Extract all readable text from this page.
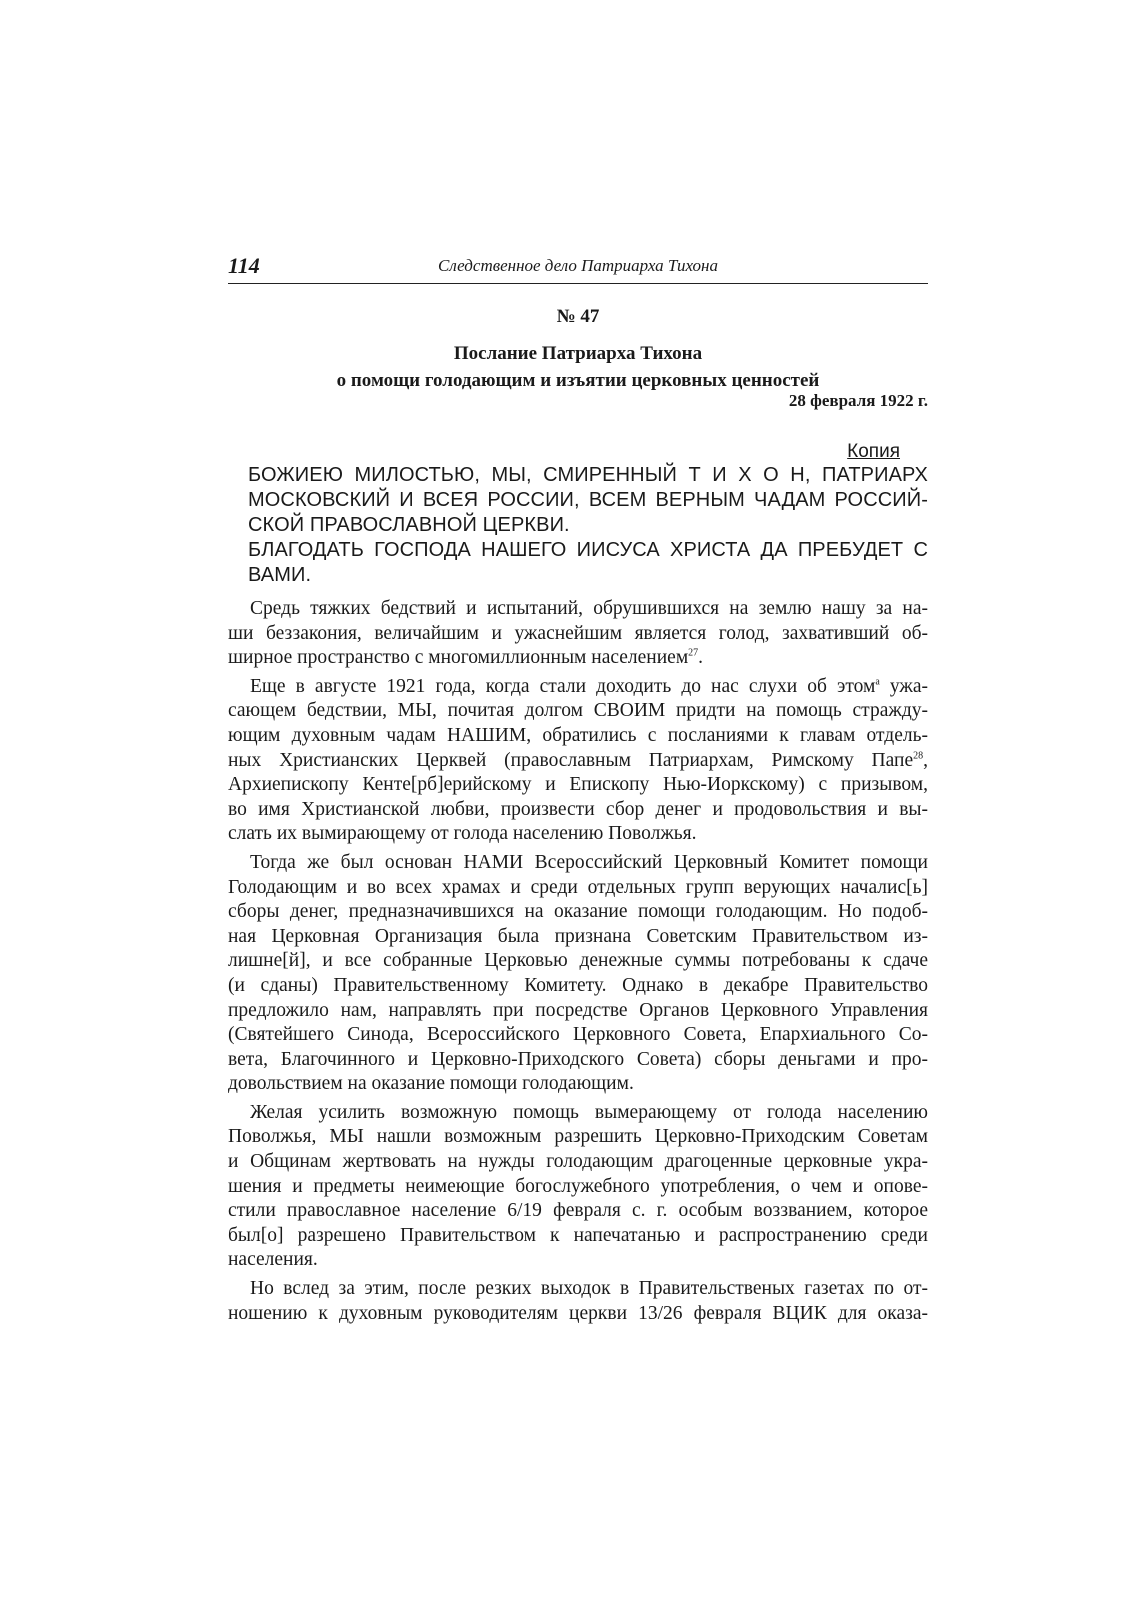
114	Следственное дело Патриарха Тихона
№ 47
Послание Патриарха Тихона
о помощи голодающим и изъятии церковных ценностей
28 февраля 1922 г.
Копия

БОЖИЕЮ МИЛОСТЬЮ, МЫ, СМИРЕННЫЙ Т И Х О Н, ПАТРИАРХ
МОСКОВСКИЙ И ВСЕЯ РОССИИ, ВСЕМ ВЕРНЫМ ЧАДАМ РОССИЙ-
СКОЙ ПРАВОСЛАВНОЙ ЦЕРКВИ.

БЛАГОДАТЬ ГОСПОДА НАШЕГО ИИСУСА ХРИСТА ДА ПРЕБУДЕТ С
ВАМИ.

Средь тяжких бедствий и испытаний, обрушившихся на землю нашу за на-
ши беззакония, величайшим и ужаснейшим является голод, захвативший об-
ширное пространство с многомиллионным населением$^{27}$.

Еще в августе 1921 года, когда стали доходить до нас слухи об этом$^а$ ужа-
сающем бедствии, МЫ, почитая долгом СВОИМ придти на помощь стражду-
ющим духовным чадам НАШИМ, обратились с посланиями к главам отдель-
ных Христианских Церквей (православным Патриархам, Римскому Папе$^{28}$,
Архиепископу Кенте[рб]ерийскому и Епископу Нью-Иоркскому) с призывом,
во имя Христианской любви, произвести сбор денег и продовольствия и вы-
слать их вымирающему от голода населению Поволжья.

Тогда же был основан НАМИ Всероссийский Церковный Комитет помощи
Голодающим и во всех храмах и среди отдельных групп верующих началис[ь]
сборы денег, предназначившихся на оказание помощи голодающим. Но подоб-
ная Церковная Организация была признана Советским Правительством из-
лишне[й], и все собранные Церковью денежные суммы потребованы к сдаче
(и сданы) Правительственному Комитету. Однако в декабре Правительство
предложило нам, направлять при посредстве Органов Церковного Управления
(Святейшего Синода, Всероссийского Церковного Совета, Епархиального Со-
вета, Благочинного и Церковно-Приходского Совета) сборы деньгами и про-
довольствием на оказание помощи голодающим.

Желая усилить возможную помощь вымерающему от голода населению
Поволжья, МЫ нашли возможным разрешить Церковно-Приходским Советам
и Общинам жертвовать на нужды голодающим драгоценные церковные укра-
шения и предметы неимеющие богослужебного употребления, о чем и опове-
стили православное население 6/19 февраля с. г. особым воззванием, которое
был[о] разрешено Правительством к напечатанью и распространению среди
населения.

Но вслед за этим, после резких выходок в Правительственых газетах по от-
ношению к духовным руководителям церкви 13/26 февраля ВЦИК для оказа-
